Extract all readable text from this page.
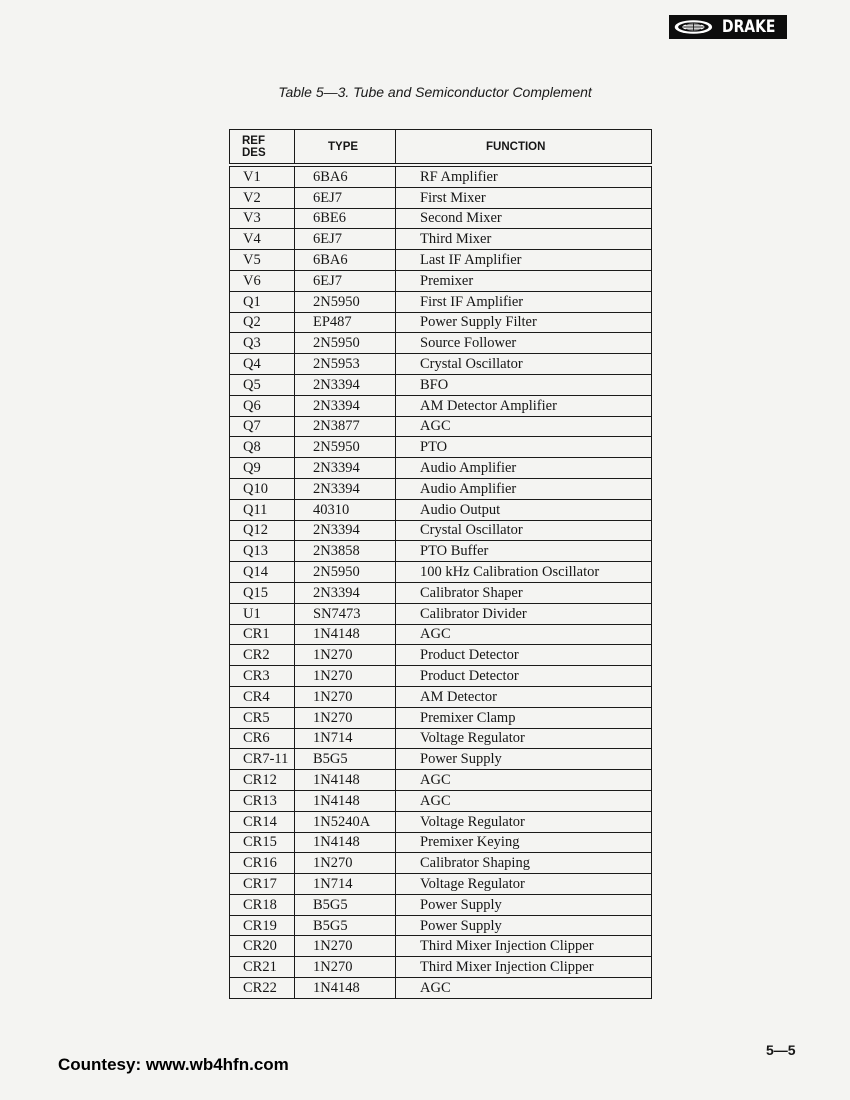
DRAKE
Table 5—3. Tube and Semiconductor Complement
REF
DES	TYPE	FUNCTION
V1	6BA6	RF Amplifier
V2	6EJ7	First Mixer
V3	6BE6	Second Mixer
V4	6EJ7	Third Mixer
V5	6BA6	Last IF Amplifier
V6	6EJ7	Premixer
Q1	2N5950	First IF Amplifier
Q2	EP487	Power Supply Filter
Q3	2N5950	Source Follower
Q4	2N5953	Crystal Oscillator
Q5	2N3394	BFO
Q6	2N3394	AM Detector Amplifier
Q7	2N3877	AGC
Q8	2N5950	PTO
Q9	2N3394	Audio Amplifier
Q10	2N3394	Audio Amplifier
Q11	40310	Audio Output
Q12	2N3394	Crystal Oscillator
Q13	2N3858	PTO Buffer
Q14	2N5950	100 kHz Calibration Oscillator
Q15	2N3394	Calibrator Shaper
U1	SN7473	Calibrator Divider
CR1	1N4148	AGC
CR2	1N270	Product Detector
CR3	1N270	Product Detector
CR4	1N270	AM Detector
CR5	1N270	Premixer Clamp
CR6	1N714	Voltage Regulator
CR7-11	B5G5	Power Supply
CR12	1N4148	AGC
CR13	1N4148	AGC
CR14	1N5240A	Voltage Regulator
CR15	1N4148	Premixer Keying
CR16	1N270	Calibrator Shaping
CR17	1N714	Voltage Regulator
CR18	B5G5	Power Supply
CR19	B5G5	Power Supply
CR20	1N270	Third Mixer Injection Clipper
CR21	1N270	Third Mixer Injection Clipper
CR22	1N4148	AGC
5—5
Countesy: www.wb4hfn.com
